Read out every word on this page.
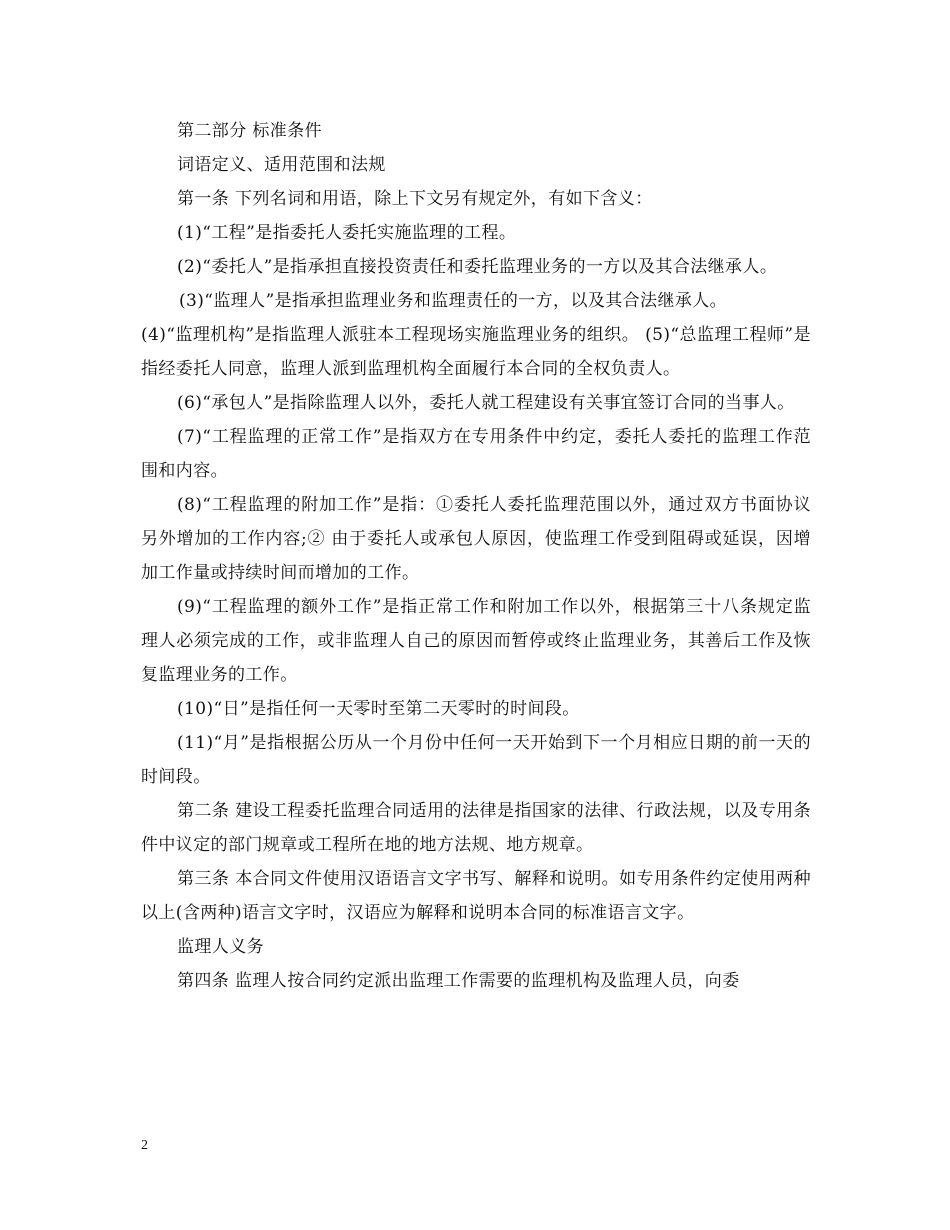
第二部分 标准条件

词语定义、适用范围和法规

第一条 下列名词和用语，除上下文另有规定外，有如下含义：

(1)“工程”是指委托人委托实施监理的工程。

(2)“委托人”是指承担直接投资责任和委托监理业务的一方以及其合法继承人。

(3)“监理人”是指承担监理业务和监理责任的一方，以及其合法继承人。

(4)“监理机构”是指监理人派驻本工程现场实施监理业务的组织。 (5)“总监理工程师”是指经委托人同意，监理人派到监理机构全面履行本合同的全权负责人。

(6)“承包人”是指除监理人以外，委托人就工程建设有关事宜签订合同的当事人。

(7)“工程监理的正常工作”是指双方在专用条件中约定，委托人委托的监理工作范围和内容。

(8)“工程监理的附加工作”是指：①委托人委托监理范围以外，通过双方书面协议另外增加的工作内容;② 由于委托人或承包人原因，使监理工作受到阻碍或延误，因增加工作量或持续时间而增加的工作。

(9)“工程监理的额外工作”是指正常工作和附加工作以外，根据第三十八条规定监理人必须完成的工作，或非监理人自己的原因而暂停或终止监理业务，其善后工作及恢复监理业务的工作。

(10)“日”是指任何一天零时至第二天零时的时间段。

(11)“月”是指根据公历从一个月份中任何一天开始到下一个月相应日期的前一天的时间段。

第二条 建设工程委托监理合同适用的法律是指国家的法律、行政法规，以及专用条件中议定的部门规章或工程所在地的地方法规、地方规章。

第三条 本合同文件使用汉语语言文字书写、解释和说明。如专用条件约定使用两种以上(含两种)语言文字时，汉语应为解释和说明本合同的标准语言文字。

监理人义务

第四条 监理人按合同约定派出监理工作需要的监理机构及监理人员，向委

2
